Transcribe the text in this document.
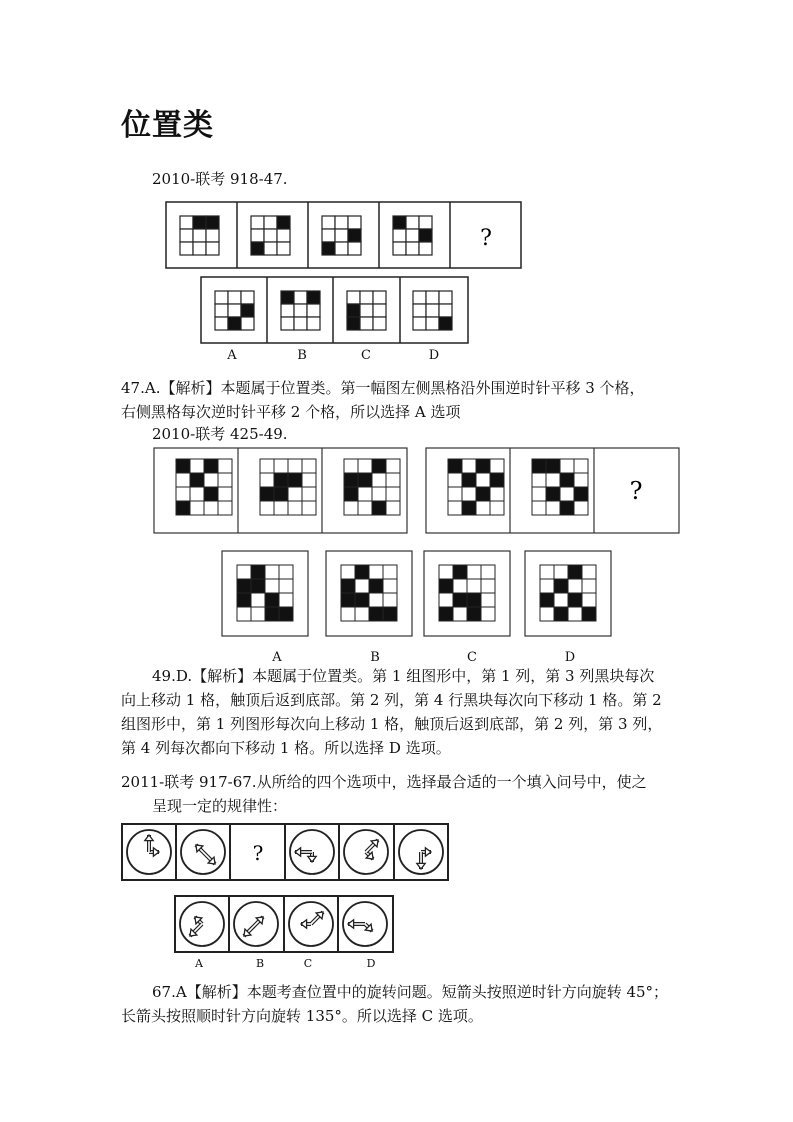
位置类
2010-联考 918-47.
?
A	B	C	D
47.A.【解析】本题属于位置类。第一幅图左侧黑格沿外围逆时针平移 3 个格，
右侧黑格每次逆时针平移 2 个格，所以选择 A 选项
2010-联考 425-49.
?
A	B	C	D
49.D.【解析】本题属于位置类。第 1 组图形中，第 1 列，第 3 列黑块每次
向上移动 1 格，触顶后返到底部。第 2 列，第 4 行黑块每次向下移动 1 格。第 2
组图形中，第 1 列图形每次向上移动 1 格，触顶后返到底部，第 2 列，第 3 列，
第 4 列每次都向下移动 1 格。所以选择 D 选项。
2011-联考 917-67.从所给的四个选项中，选择最合适的一个填入问号中，使之
呈现一定的规律性：
?
A	B	C	D
67.A【解析】本题考查位置中的旋转问题。短箭头按照逆时针方向旋转 45°；
长箭头按照顺时针方向旋转 135°。所以选择 C 选项。
